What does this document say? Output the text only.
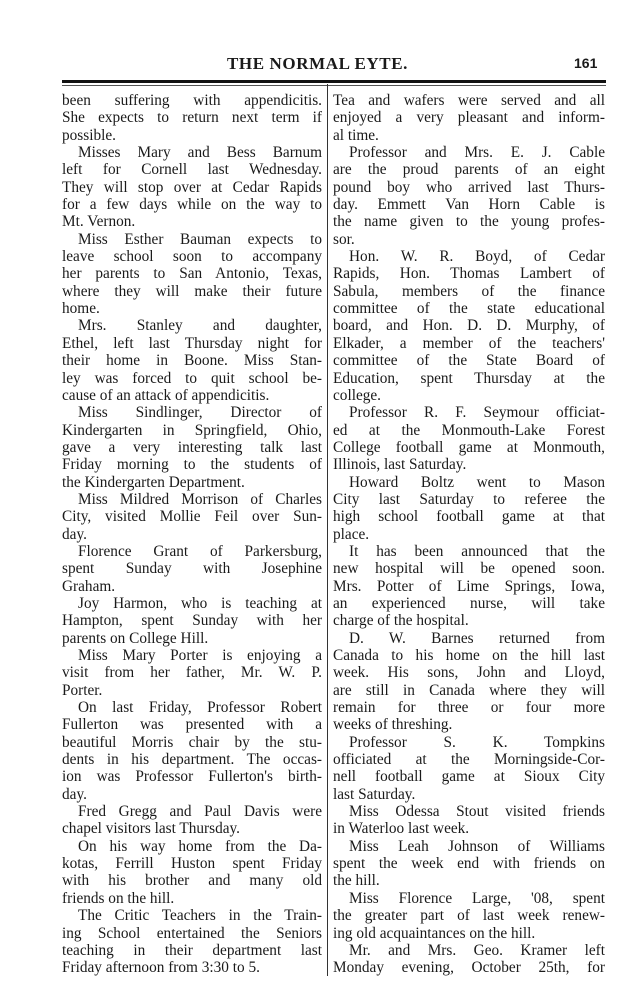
THE NORMAL EYTE.	161
been suffering with appendicitis.
She expects to return next term if
possible.
Misses Mary and Bess Barnum
left for Cornell last Wednesday.
They will stop over at Cedar Rapids
for a few days while on the way to
Mt. Vernon.
Miss Esther Bauman expects to
leave school soon to accompany
her parents to San Antonio, Texas,
where they will make their future
home.
Mrs. Stanley and daughter,
Ethel, left last Thursday night for
their home in Boone. Miss Stan-
ley was forced to quit school be-
cause of an attack of appendicitis.
Miss Sindlinger, Director of
Kindergarten in Springfield, Ohio,
gave a very interesting talk last
Friday morning to the students of
the Kindergarten Department.
Miss Mildred Morrison of Charles
City, visited Mollie Feil over Sun-
day.
Florence Grant of Parkersburg,
spent Sunday with Josephine
Graham.
Joy Harmon, who is teaching at
Hampton, spent Sunday with her
parents on College Hill.
Miss Mary Porter is enjoying a
visit from her father, Mr. W. P.
Porter.
On last Friday, Professor Robert
Fullerton was presented with a
beautiful Morris chair by the stu-
dents in his department. The occas-
ion was Professor Fullerton's birth-
day.
Fred Gregg and Paul Davis were
chapel visitors last Thursday.
On his way home from the Da-
kotas, Ferrill Huston spent Friday
with his brother and many old
friends on the hill.
The Critic Teachers in the Train-
ing School entertained the Seniors
teaching in their department last
Friday afternoon from 3:30 to 5.
Tea and wafers were served and all
enjoyed a very pleasant and inform-
al time.
Professor and Mrs. E. J. Cable
are the proud parents of an eight
pound boy who arrived last Thurs-
day. Emmett Van Horn Cable is
the name given to the young profes-
sor.
Hon. W. R. Boyd, of Cedar
Rapids, Hon. Thomas Lambert of
Sabula, members of the finance
committee of the state educational
board, and Hon. D. D. Murphy, of
Elkader, a member of the teachers'
committee of the State Board of
Education, spent Thursday at the
college.
Professor R. F. Seymour officiat-
ed at the Monmouth-Lake Forest
College football game at Monmouth,
Illinois, last Saturday.
Howard Boltz went to Mason
City last Saturday to referee the
high school football game at that
place.
It has been announced that the
new hospital will be opened soon.
Mrs. Potter of Lime Springs, Iowa,
an experienced nurse, will take
charge of the hospital.
D. W. Barnes returned from
Canada to his home on the hill last
week. His sons, John and Lloyd,
are still in Canada where they will
remain for three or four more
weeks of threshing.
Professor S. K. Tompkins
officiated at the Morningside-Cor-
nell football game at Sioux City
last Saturday.
Miss Odessa Stout visited friends
in Waterloo last week.
Miss Leah Johnson of Williams
spent the week end with friends on
the hill.
Miss Florence Large, '08, spent
the greater part of last week renew-
ing old acquaintances on the hill.
Mr. and Mrs. Geo. Kramer left
Monday evening, October 25th, for
